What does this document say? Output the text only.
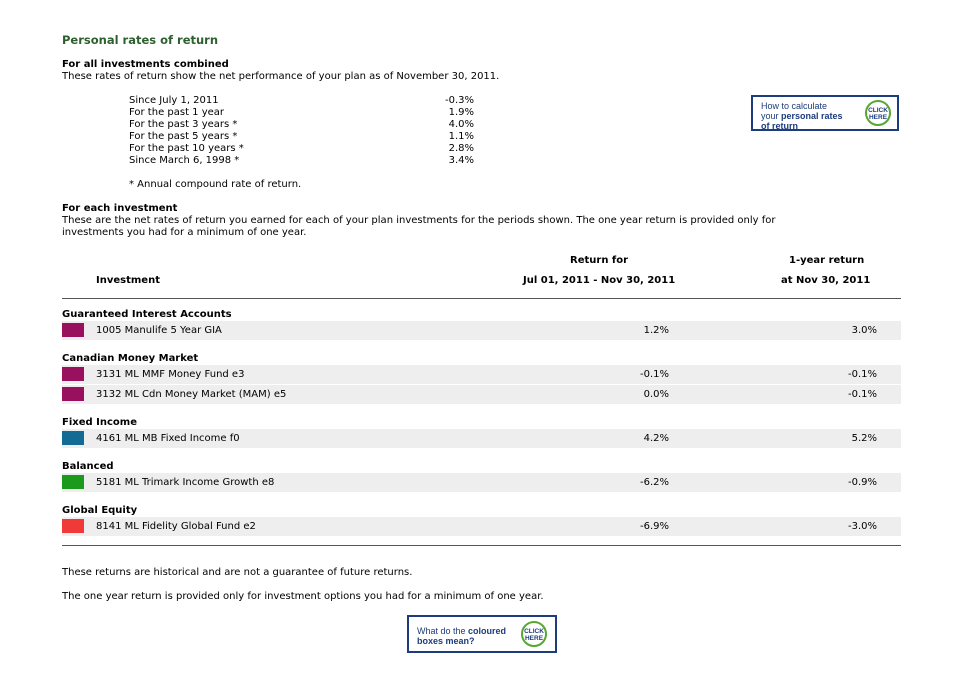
Personal rates of return
For all investments combined
These rates of return show the net performance of your plan as of November 30, 2011.
Since July 1, 2011	-0.3%
For the past 1 year	1.9%
For the past 3 years *	4.0%
For the past 5 years *	1.1%
For the past 10 years *	2.8%
Since March 6, 1998 *	3.4%
* Annual compound rate of return.
How to calculate
your personal rates
of return
CLICK
HERE
For each investment
These are the net rates of return you earned for each of your plan investments for the periods shown. The one year return is provided only for
investments you had for a minimum of one year.
Investment
Return for
Jul 01, 2011 - Nov 30, 2011
1-year return
at Nov 30, 2011
Guaranteed Interest Accounts
1005 Manulife 5 Year GIA	1.2%	3.0%
Canadian Money Market
3131 ML MMF Money Fund e3	-0.1%	-0.1%
3132 ML Cdn Money Market (MAM) e5	0.0%	-0.1%
Fixed Income
4161 ML MB Fixed Income f0	4.2%	5.2%
Balanced
5181 ML Trimark Income Growth e8	-6.2%	-0.9%
Global Equity
8141 ML Fidelity Global Fund e2	-6.9%	-3.0%
These returns are historical and are not a guarantee of future returns.
The one year return is provided only for investment options you had for a minimum of one year.
What do the coloured
boxes mean?
CLICK
HERE
